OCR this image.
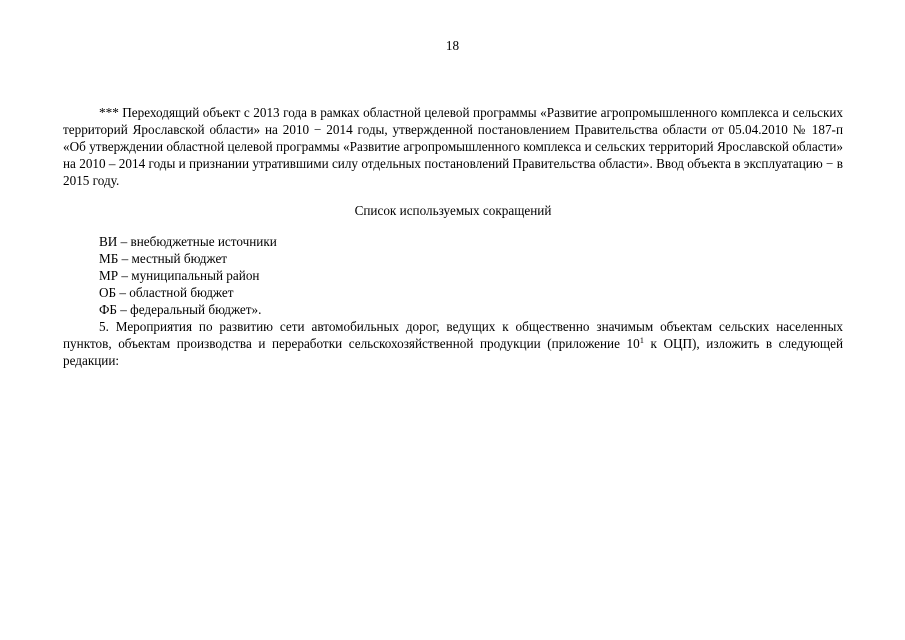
18

*** Переходящий объект с 2013 года в рамках областной целевой программы «Развитие агропромышленного комплекса и сельских территорий Ярославской области» на 2010 − 2014 годы, утвержденной постановлением Правительства области от 05.04.2010 № 187-п «Об утверждении областной целевой программы «Развитие агропромышленного комплекса и сельских территорий Ярославской области» на 2010 – 2014 годы и признании утратившими силу отдельных постановлений Правительства области». Ввод объекта в эксплуатацию − в 2015 году.

Список используемых сокращений
ВИ – внебюджетные источники
МБ – местный бюджет
МР – муниципальный район
ОБ – областной бюджет
ФБ – федеральный бюджет».

5. Мероприятия по развитию сети автомобильных дорог, ведущих к общественно значимым объектам сельских населенных пунктов, объектам производства и переработки сельскохозяйственной продукции (приложение $10^1$ к ОЦП), изложить в следующей редакции:
